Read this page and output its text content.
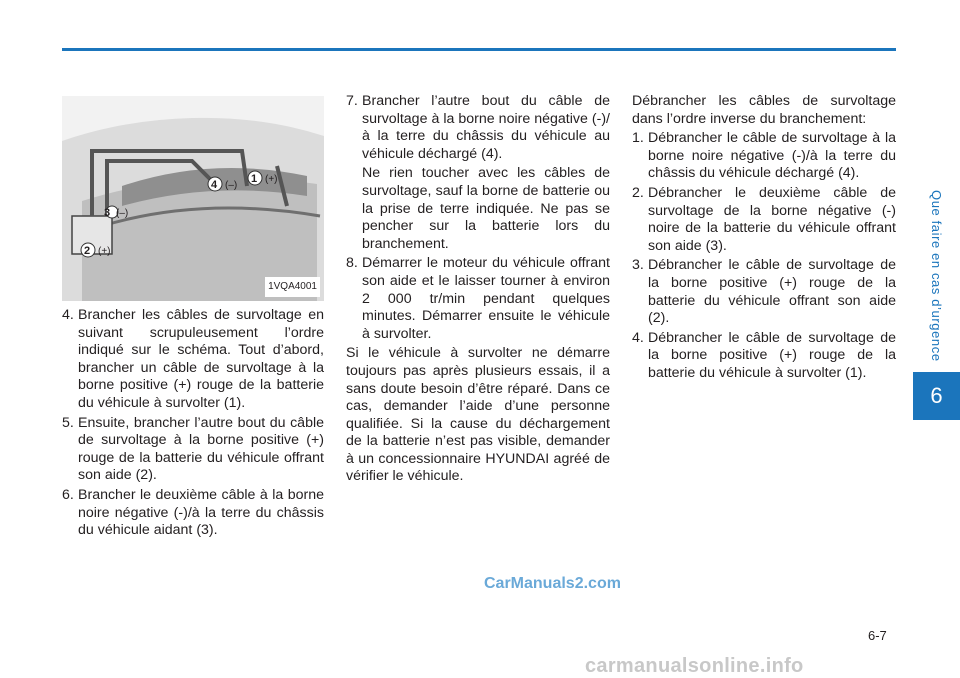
Que faire en cas d’urgence
6
1 (+)
2 (+)
3 (–)
4 (–)
1VQA4001
4. Brancher les câbles de survoltage en suivant scrupuleusement l’ordre indiqué sur le schéma. Tout d’abord, brancher un câble de survoltage à la borne positive (+) rouge de la batterie du véhicule à survolter (1).
5. Ensuite, brancher l’autre bout du câble de survoltage à la borne positive (+) rouge de la batterie du véhicule offrant son aide (2).
6. Brancher le deuxième câble à la borne noire négative (-)/à la terre du châssis du véhicule aidant (3).
7. Brancher l’autre bout du câble de survoltage à la borne noire négative (-)/à la terre du châssis du véhicule au véhicule déchargé (4).

Ne rien toucher avec les câbles de survoltage, sauf la borne de batterie ou la prise de terre indiquée. Ne pas se pencher sur la batterie lors du branchement.

8. Démarrer le moteur du véhicule offrant son aide et le laisser tourner à environ 2 000 tr/min pendant quelques minutes. Démarrer ensuite le véhicule à survolter.

Si le véhicule à survolter ne démarre toujours pas après plusieurs essais, il a sans doute besoin d’être réparé. Dans ce cas, demander l’aide d’une personne qualifiée. Si la cause du déchargement de la batterie n’est pas visible, demander à un concessionnaire HYUNDAI agréé de vérifier le véhicule.

Débrancher les câbles de survoltage dans l’ordre inverse du branchement:

1. Débrancher le câble de survoltage à la borne noire négative (-)/à la terre du châssis du véhicule déchargé (4).
2. Débrancher le deuxième câble de survoltage de la borne négative (-) noire de la batterie du véhicule offrant son aide (3).
3. Débrancher le câble de survoltage de la borne positive (+) rouge de la batterie du véhicule offrant son aide (2).
4. Débrancher le câble de survoltage de la borne positive (+) rouge de la batterie du véhicule à survolter (1).
CarManuals2.com
6-7
carmanualsonline.info
